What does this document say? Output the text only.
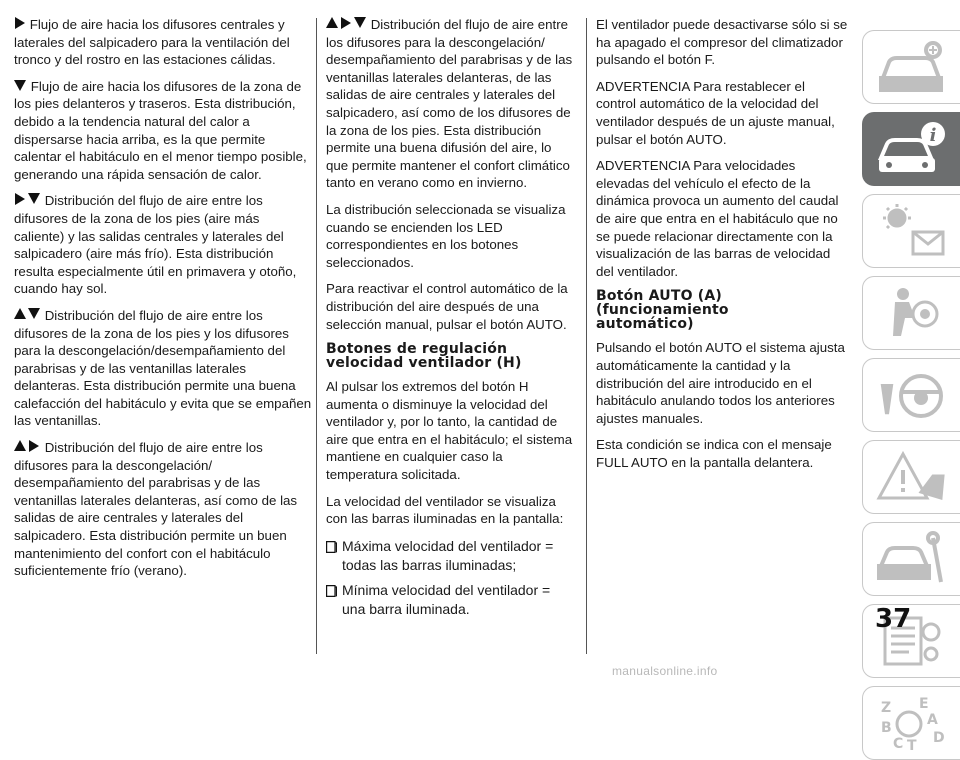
Flujo de aire hacia los difusores centrales y laterales del salpicadero para la ventilación del tronco y del rostro en las estaciones cálidas.

Flujo de aire hacia los difusores de la zona de los pies delanteros y traseros. Esta distribución, debido a la tendencia natural del calor a dispersarse hacia arriba, es la que permite calentar el habitáculo en el menor tiempo posible, generando una rápida sensación de calor.

Distribución del flujo de aire entre los difusores de la zona de los pies (aire más caliente) y las salidas centrales y laterales del salpicadero (aire más frío). Esta distribución resulta especialmente útil en primavera y otoño, cuando hay sol.

Distribución del flujo de aire entre los difusores de la zona de los pies y los difusores para la descongelación/desempañamiento del parabrisas y de las ventanillas laterales delanteras. Esta distribución permite una buena calefacción del habitáculo y evita que se empañen las ventanillas.

Distribución del flujo de aire entre los difusores para la descongelación/ desempañamiento del parabrisas y de las ventanillas laterales delanteras, así como de las salidas de aire centrales y laterales del salpicadero. Esta distribución permite un buen mantenimiento del confort con el habitáculo suficientemente frío (verano).

Distribución del flujo de aire entre los difusores para la descongelación/ desempañamiento del parabrisas y de las ventanillas laterales delanteras, de las salidas de aire centrales y laterales del salpicadero, así como de los difusores de la zona de los pies. Esta distribución permite una buena difusión del aire, lo que permite mantener el confort climático tanto en verano como en invierno.

La distribución seleccionada se visualiza cuando se encienden los LED correspondientes en los botones seleccionados.

Para reactivar el control automático de la distribución del aire después de una selección manual, pulsar el botón AUTO.

Botones de regulación
velocidad ventilador (H)

Al pulsar los extremos del botón H aumenta o disminuye la velocidad del ventilador y, por lo tanto, la cantidad de aire que entra en el habitáculo; el sistema mantiene en cualquier caso la temperatura solicitada.

La velocidad del ventilador se visualiza con las barras iluminadas en la pantalla:

Máxima velocidad del ventilador = todas las barras iluminadas;
Mínima velocidad del ventilador = una barra iluminada.

El ventilador puede desactivarse sólo si se ha apagado el compresor del climatizador pulsando el botón F.

ADVERTENCIA Para restablecer el control automático de la velocidad del ventilador después de un ajuste manual, pulsar el botón AUTO.

ADVERTENCIA Para velocidades elevadas del vehículo el efecto de la dinámica provoca un aumento del caudal de aire que entra en el habitáculo que no se puede relacionar directamente con la visualización de las barras de velocidad del ventilador.

Botón AUTO (A)
(funcionamiento
automático)

Pulsando el botón AUTO el sistema ajusta automáticamente la cantidad y la distribución del aire introducido en el habitáculo anulando todos los anteriores ajustes manuales.

Esta condición se indica con el mensaje FULL AUTO en la pantalla delantera.

i
Z E
A
B
D
C T
37
manualsonline.info
